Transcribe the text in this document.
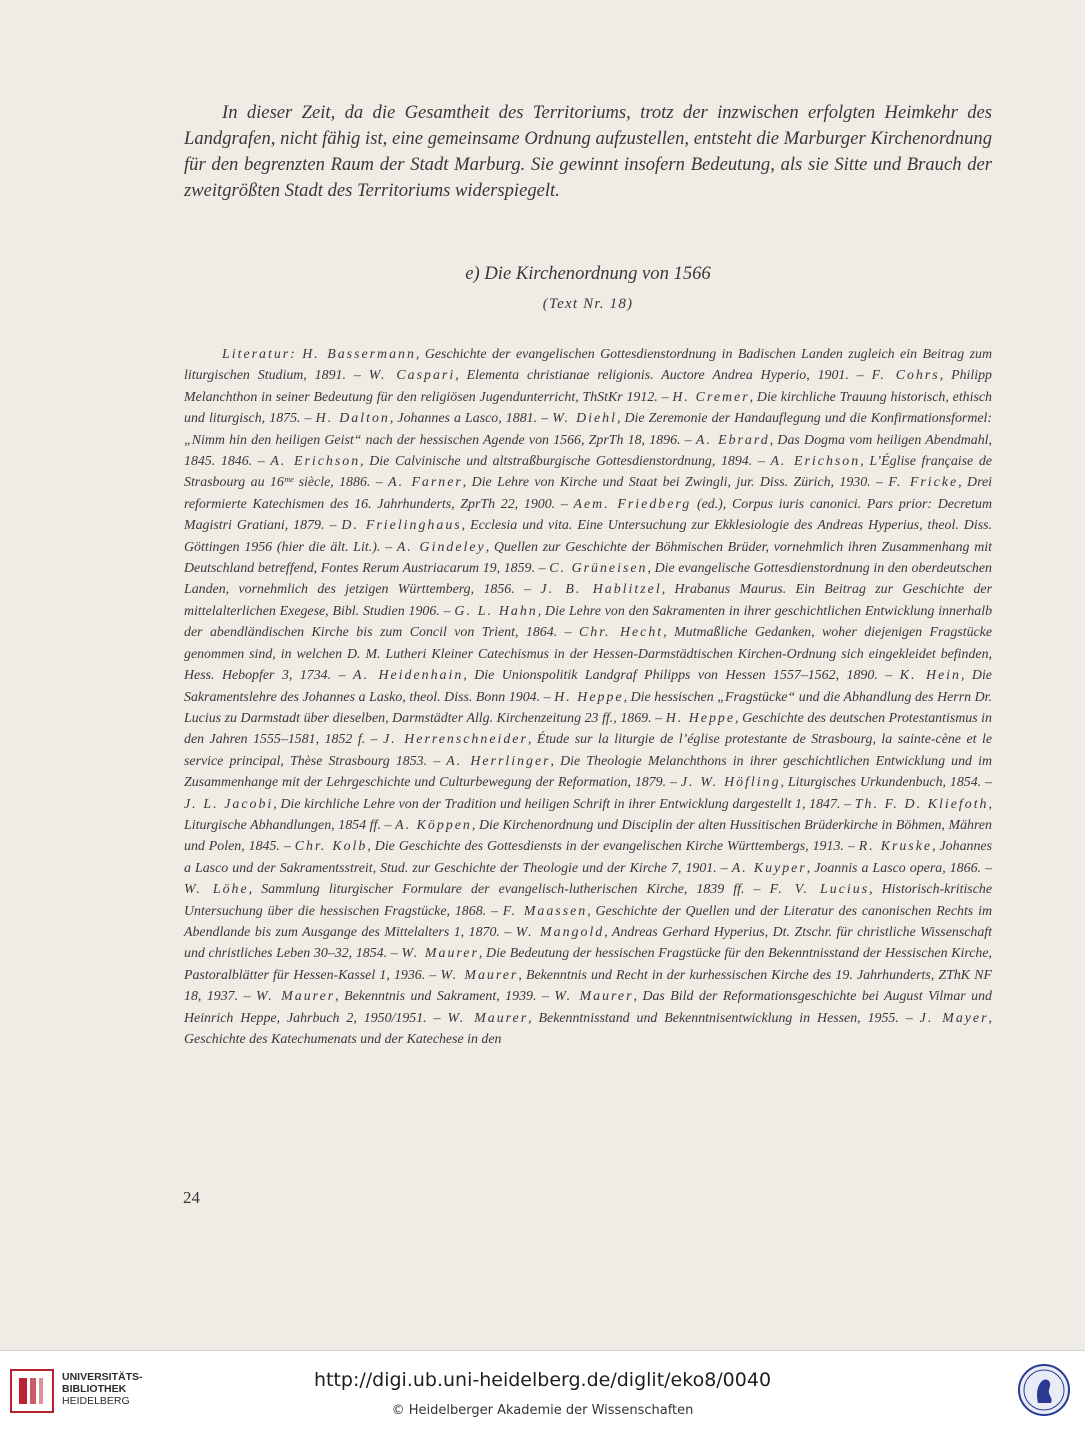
In dieser Zeit, da die Gesamtheit des Territoriums, trotz der inzwischen erfolgten Heimkehr des Landgrafen, nicht fähig ist, eine gemeinsame Ordnung aufzustellen, entsteht die Marburger Kirchenordnung für den begrenzten Raum der Stadt Marburg. Sie gewinnt insofern Bedeutung, als sie Sitte und Brauch der zweitgrößten Stadt des Territoriums widerspiegelt.

e) Die Kirchenordnung von 1566

(Text Nr. 18)

Literatur: H. Bassermann, Geschichte der evangelischen Gottesdienstordnung in Badischen Landen zugleich ein Beitrag zum liturgischen Studium, 1891. – W. Caspari, Elementa christianae religionis. Auctore Andrea Hyperio, 1901. – F. Cohrs, Philipp Melanchthon in seiner Bedeutung für den religiösen Jugendunterricht, ThStKr 1912. – H. Cremer, Die kirchliche Trauung historisch, ethisch und liturgisch, 1875. – H. Dalton, Johannes a Lasco, 1881. – W. Diehl, Die Zeremonie der Handauflegung und die Konfirmationsformel: „Nimm hin den heiligen Geist“ nach der hessischen Agende von 1566, ZprTh 18, 1896. – A. Ebrard, Das Dogma vom heiligen Abendmahl, 1845. 1846. – A. Erichson, Die Calvinische und altstraßburgische Gottesdienstordnung, 1894. – A. Erichson, L’Église française de Strasbourg au 16ᵐᵉ siècle, 1886. – A. Farner, Die Lehre von Kirche und Staat bei Zwingli, jur. Diss. Zürich, 1930. – F. Fricke, Drei reformierte Katechismen des 16. Jahrhunderts, ZprTh 22, 1900. – Aem. Friedberg (ed.), Corpus iuris canonici. Pars prior: Decretum Magistri Gratiani, 1879. – D. Frielinghaus, Ecclesia und vita. Eine Untersuchung zur Ekklesiologie des Andreas Hyperius, theol. Diss. Göttingen 1956 (hier die ält. Lit.). – A. Gindeley, Quellen zur Geschichte der Böhmischen Brüder, vornehmlich ihren Zusammenhang mit Deutschland betreffend, Fontes Rerum Austriacarum 19, 1859. – C. Grüneisen, Die evangelische Gottesdienstordnung in den oberdeutschen Landen, vornehmlich des jetzigen Württemberg, 1856. – J. B. Hablitzel, Hrabanus Maurus. Ein Beitrag zur Geschichte der mittelalterlichen Exegese, Bibl. Studien 1906. – G. L. Hahn, Die Lehre von den Sakramenten in ihrer geschichtlichen Entwicklung innerhalb der abendländischen Kirche bis zum Concil von Trient, 1864. – Chr. Hecht, Mutmaßliche Gedanken, woher diejenigen Fragstücke genommen sind, in welchen D. M. Lutheri Kleiner Catechismus in der Hessen-Darmstädtischen Kirchen-Ordnung sich eingekleidet befinden, Hess. Hebopfer 3, 1734. – A. Heidenhain, Die Unionspolitik Landgraf Philipps von Hessen 1557–1562, 1890. – K. Hein, Die Sakramentslehre des Johannes a Lasko, theol. Diss. Bonn 1904. – H. Heppe, Die hessischen „Fragstücke“ und die Abhandlung des Herrn Dr. Lucius zu Darmstadt über dieselben, Darmstädter Allg. Kirchenzeitung 23 ff., 1869. – H. Heppe, Geschichte des deutschen Protestantismus in den Jahren 1555–1581, 1852 f. – J. Herrenschneider, Étude sur la liturgie de l’église protestante de Strasbourg, la sainte-cène et le service principal, Thèse Strasbourg 1853. – A. Herrlinger, Die Theologie Melanchthons in ihrer geschichtlichen Entwicklung und im Zusammenhange mit der Lehrgeschichte und Culturbewegung der Reformation, 1879. – J. W. Höfling, Liturgisches Urkundenbuch, 1854. – J. L. Jacobi, Die kirchliche Lehre von der Tradition und heiligen Schrift in ihrer Entwicklung dargestellt 1, 1847. – Th. F. D. Kliefoth, Liturgische Abhandlungen, 1854 ff. – A. Köppen, Die Kirchenordnung und Disciplin der alten Hussitischen Brüderkirche in Böhmen, Mähren und Polen, 1845. – Chr. Kolb, Die Geschichte des Gottesdiensts in der evangelischen Kirche Württembergs, 1913. – R. Kruske, Johannes a Lasco und der Sakramentsstreit, Stud. zur Geschichte der Theologie und der Kirche 7, 1901. – A. Kuyper, Joannis a Lasco opera, 1866. – W. Löhe, Sammlung liturgischer Formulare der evangelisch-lutherischen Kirche, 1839 ff. – F. V. Lucius, Historisch-kritische Untersuchung über die hessischen Fragstücke, 1868. – F. Maassen, Geschichte der Quellen und der Literatur des canonischen Rechts im Abendlande bis zum Ausgange des Mittelalters 1, 1870. – W. Mangold, Andreas Gerhard Hyperius, Dt. Ztschr. für christliche Wissenschaft und christliches Leben 30–32, 1854. – W. Maurer, Die Bedeutung der hessischen Fragstücke für den Bekenntnisstand der Hessischen Kirche, Pastoralblätter für Hessen-Kassel 1, 1936. – W. Maurer, Bekenntnis und Recht in der kurhessischen Kirche des 19. Jahrhunderts, ZThK NF 18, 1937. – W. Maurer, Bekenntnis und Sakrament, 1939. – W. Maurer, Das Bild der Reformationsgeschichte bei August Vilmar und Heinrich Heppe, Jahrbuch 2, 1950/1951. – W. Maurer, Bekenntnisstand und Bekenntnisentwicklung in Hessen, 1955. – J. Mayer, Geschichte des Katechumenats und der Katechese in den

24
UNIVERSITÄTS-
BIBLIOTHEK
HEIDELBERG
http://digi.ub.uni-heidelberg.de/diglit/eko8/0040
© Heidelberger Akademie der Wissenschaften
